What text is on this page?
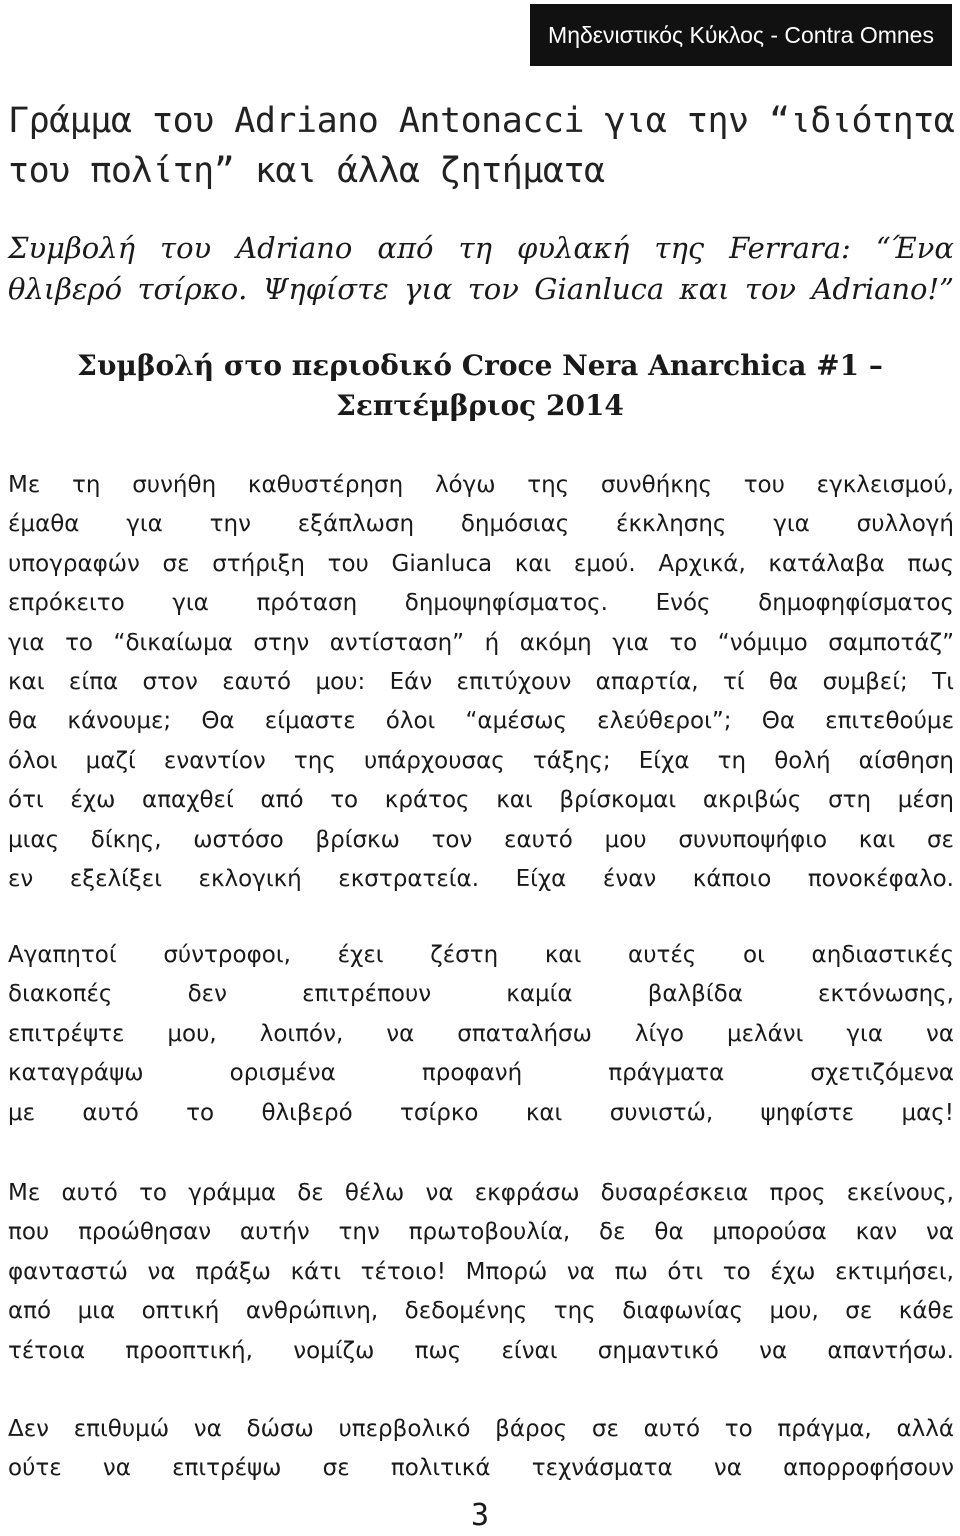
Μηδενιστικός Κύκλος - Contra Omnes
Γράμμα του Adriano Antonacci για την “ιδιότητα του πολίτη” και άλλα ζητήματα

Συμβολή του Adriano από τη φυλακή της Ferrara: “Ένα
θλιβερό τσίρκο. Ψηφίστε για τον Gianluca και τον Adriano!”

Συμβολή στο περιοδικό Croce Nera Anarchica #1 –
Σεπτέμβριος 2014

Με τη συνήθη καθυστέρηση λόγω της συνθήκης του εγκλεισμού,
έμαθα για την εξάπλωση δημόσιας έκκλησης για συλλογή
υπογραφών σε στήριξη του Gianluca και εμού. Αρχικά, κατάλαβα πως
επρόκειτο για πρόταση δημοψηφίσματος. Ενός δημοφηφίσματος
για το “δικαίωμα στην αντίσταση” ή ακόμη για το “νόμιμο σαμποτάζ”
και είπα στον εαυτό μου: Εάν επιτύχουν απαρτία, τί θα συμβεί; Τι
θα κάνουμε; Θα είμαστε όλοι “αμέσως ελεύθεροι”; Θα επιτεθούμε
όλοι μαζί εναντίον της υπάρχουσας τάξης; Είχα τη θολή αίσθηση
ότι έχω απαχθεί από το κράτος και βρίσκομαι ακριβώς στη μέση
μιας δίκης, ωστόσο βρίσκω τον εαυτό μου συνυποψήφιο και σε
εν εξελίξει εκλογική εκστρατεία. Είχα έναν κάποιο πονοκέφαλο.

Αγαπητοί σύντροφοι, έχει ζέστη και αυτές οι αηδιαστικές
διακοπές δεν επιτρέπουν καμία βαλβίδα εκτόνωσης,
επιτρέψτε μου, λοιπόν, να σπαταλήσω λίγο μελάνι για να
καταγράψω ορισμένα προφανή πράγματα σχετιζόμενα
με αυτό το θλιβερό τσίρκο και συνιστώ, ψηφίστε μας!

Με αυτό το γράμμα δε θέλω να εκφράσω δυσαρέσκεια προς εκείνους,
που προώθησαν αυτήν την πρωτοβουλία, δε θα μπορούσα καν να
φανταστώ να πράξω κάτι τέτοιο! Μπορώ να πω ότι το έχω εκτιμήσει,
από μια οπτική ανθρώπινη, δεδομένης της διαφωνίας μου, σε κάθε
τέτοια προοπτική, νομίζω πως είναι σημαντικό να απαντήσω.

Δεν επιθυμώ να δώσω υπερβολικό βάρος σε αυτό το πράγμα, αλλά
ούτε να επιτρέψω σε πολιτικά τεχνάσματα να απορροφήσουν

3
